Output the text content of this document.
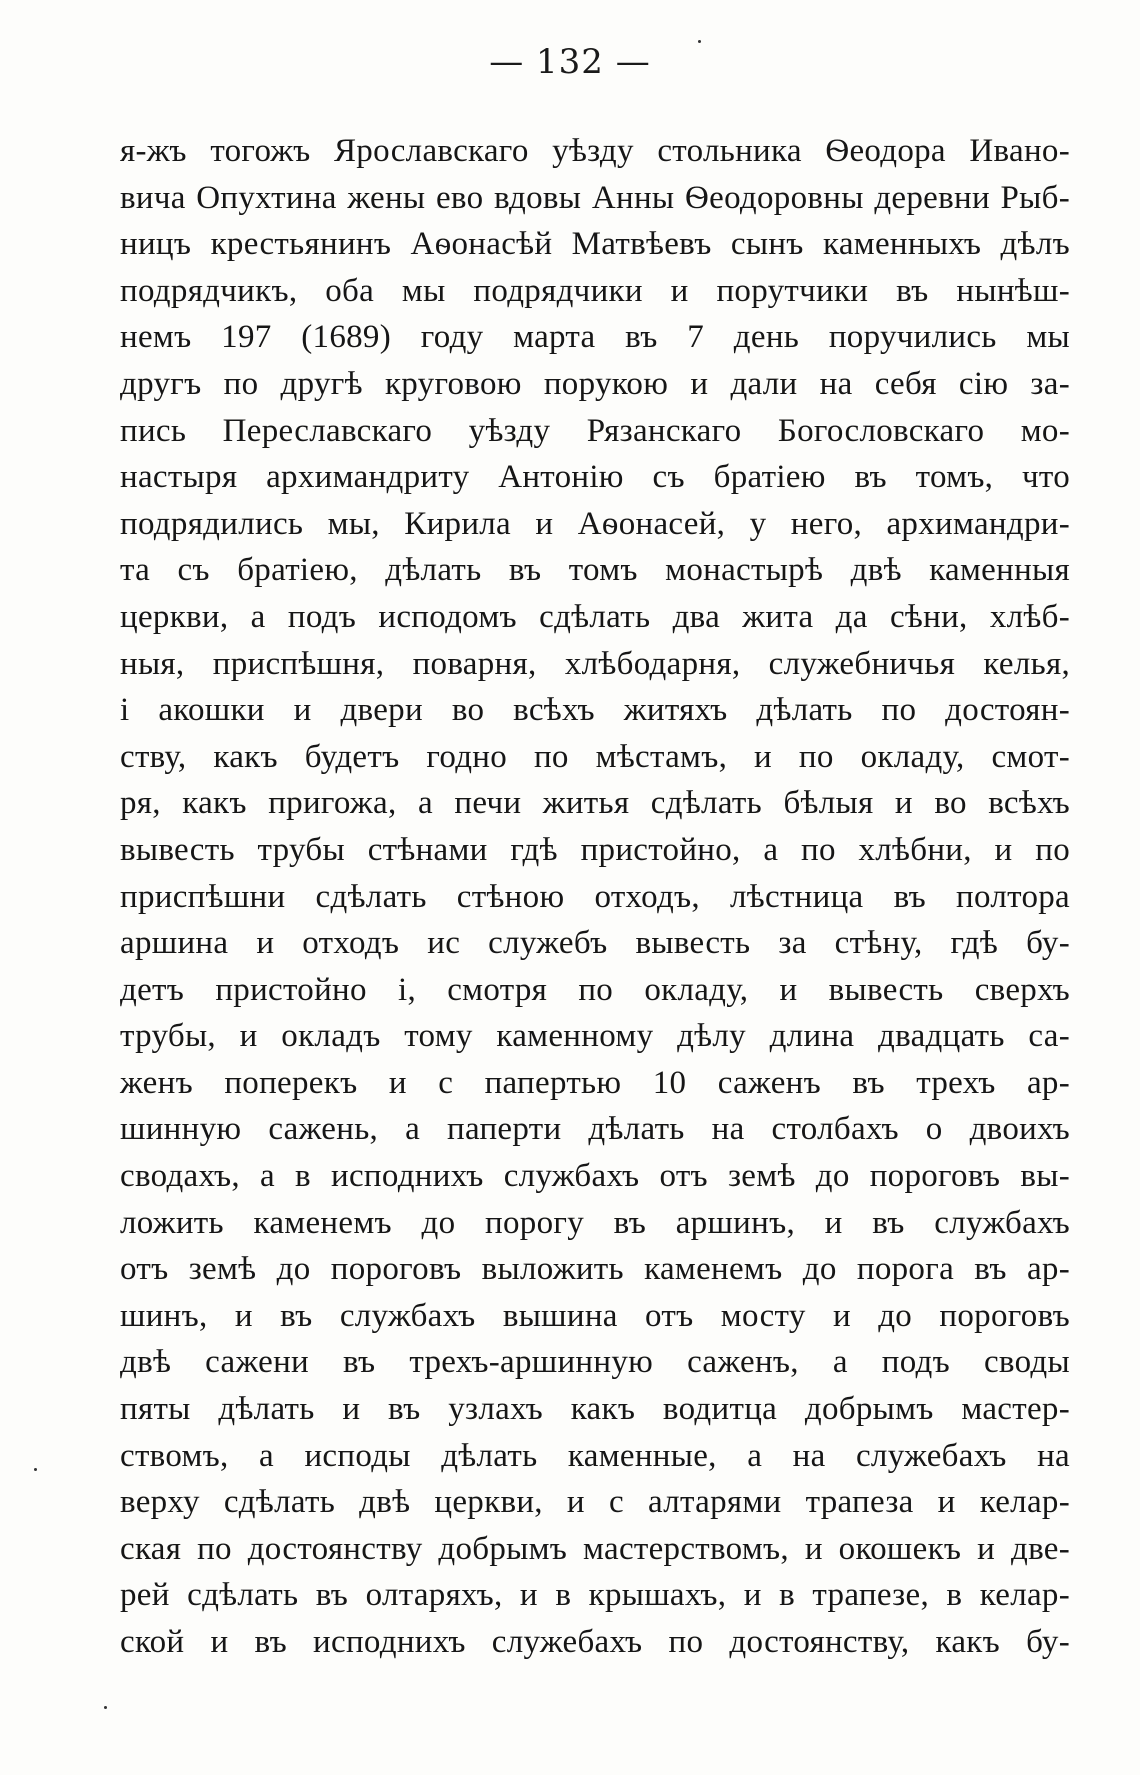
— 132 —
я-жъ тогожъ Ярославскаго уѣзду стольника Ѳеодора Ивано-
вича Опухтина жены ево вдовы Анны Ѳеодоровны деревни Рыб-
ницъ крестьянинъ Аѳонасѣй Матвѣевъ сынъ каменныхъ дѣлъ
подрядчикъ, оба мы подрядчики и порутчики въ нынѣш-
немъ 197 (1689) году марта въ 7 день поручились мы
другъ по другѣ круговою порукою и дали на себя сію за-
пись Переславскаго уѣзду Рязанскаго Богословскаго мо-
настыря архимандриту Антонію съ братіею въ томъ, что
подрядились мы, Кирила и Аѳонасей, у него, архимандри-
та съ братіею, дѣлать въ томъ монастырѣ двѣ каменныя
церкви, а подъ исподомъ сдѣлать два жита да сѣни, хлѣб-
ныя, приспѣшня, поварня, хлѣбодарня, служебничья келья,
і акошки и двери во всѣхъ житяхъ дѣлать по достоян-
ству, какъ будетъ годно по мѣстамъ, и по окладу, смот-
ря, какъ пригожа, а печи житья сдѣлать бѣлыя и во всѣхъ
вывесть трубы стѣнами гдѣ пристойно, а по хлѣбни, и по
приспѣшни сдѣлать стѣною отходъ, лѣстница въ полтора
аршина и отходъ ис служебъ вывесть за стѣну, гдѣ бу-
детъ пристойно і, смотря по окладу, и вывесть сверхъ
трубы, и окладъ тому каменному дѣлу длина двадцать са-
женъ поперекъ и с папертью 10 саженъ въ трехъ ар-
шинную сажень, а паперти дѣлать на столбахъ о двоихъ
сводахъ, а в исподнихъ службахъ отъ земѣ до пороговъ вы-
ложить каменемъ до порогу въ аршинъ, и въ службахъ
отъ земѣ до пороговъ выложить каменемъ до порога въ ар-
шинъ, и въ службахъ вышина отъ мосту и до пороговъ
двѣ сажени въ трехъ-аршинную саженъ, а подъ своды
пяты дѣлать и въ узлахъ какъ водитца добрымъ мастер-
ствомъ, а исподы дѣлать каменные, а на служебахъ на
верху сдѣлать двѣ церкви, и с алтарями трапеза и келар-
ская по достоянству добрымъ мастерствомъ, и окошекъ и две-
рей сдѣлать въ олтаряхъ, и в крышахъ, и в трапезе, в келар-
ской и въ исподнихъ служебахъ по достоянству, какъ бу-
